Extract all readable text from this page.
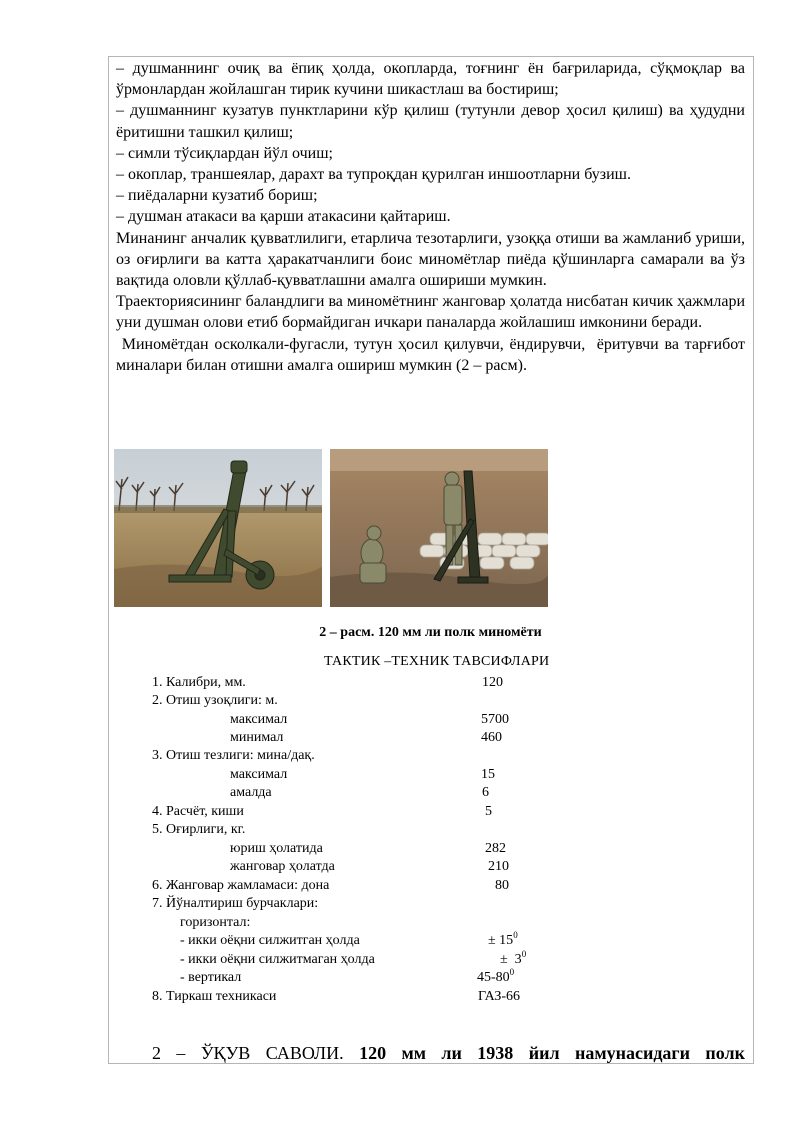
– душманнинг очиқ ва ёпиқ ҳолда, окопларда, тоғнинг ён бағриларида, сўқмоқлар ва ўрмонлардан жойлашган тирик кучини шикастлаш ва бостириш;

– душманнинг кузатув пунктларини кўр қилиш (тутунли девор ҳосил қилиш) ва ҳудудни ёритишни ташкил қилиш;

– симли тўсиқлардан йўл очиш;

– окоплар, траншеялар, дарахт ва тупроқдан қурилган иншоотларни бузиш.

– пиёдаларни кузатиб бориш;

– душман атакаси ва қарши атакасини қайтариш.

Минанинг анчалик қувватлилиги, етарлича тезотарлиги, узоққа отиши ва жамланиб уриши, оз оғирлиги ва катта ҳаракатчанлиги боис миномётлар пиёда қўшинларга самарали ва ўз вақтида оловли қўллаб-қувватлашни амалга ошириши мумкин.

Траекториясининг баландлиги ва миномётнинг жанговар ҳолатда нисбатан кичик ҳажмлари уни душман олови етиб бормайдиган ичкари паналарда жойлашиш имконини беради.

Миномётдан осколкали-фугасли, тутун ҳосил қилувчи, ёндирувчи,  ёритувчи ва тарғибот миналари билан отишни амалга ошириш мумкин (2 – расм).

2 – расм. 120 мм ли полк миномёти
ТАКТИК –ТЕХНИК ТАВСИФЛАРИ
1. Калибри, мм.	120
2. Отиш узоқлиги: м.
максимал	5700
минимал	460
3. Отиш тезлиги: мина/дақ.
максимал	15
амалда	6
4. Расчёт, киши	5
5. Оғирлиги, кг.
юриш ҳолатида	282
жанговар ҳолатда	210
6. Жанговар жамламаси: дона	80
7. Йўналтириш бурчаклари:
горизонтал:
- икки оёқни силжитган ҳолда	± $15^0$
- икки оёқни силжитмаган ҳолда	±  $3^0$
- вертикал	$45-80^0$
8. Тиркаш техникаси	ГАЗ-66
2 – ЎҚУВ САВОЛИ. 120 мм ли 1938 йил намунасидаги полк
